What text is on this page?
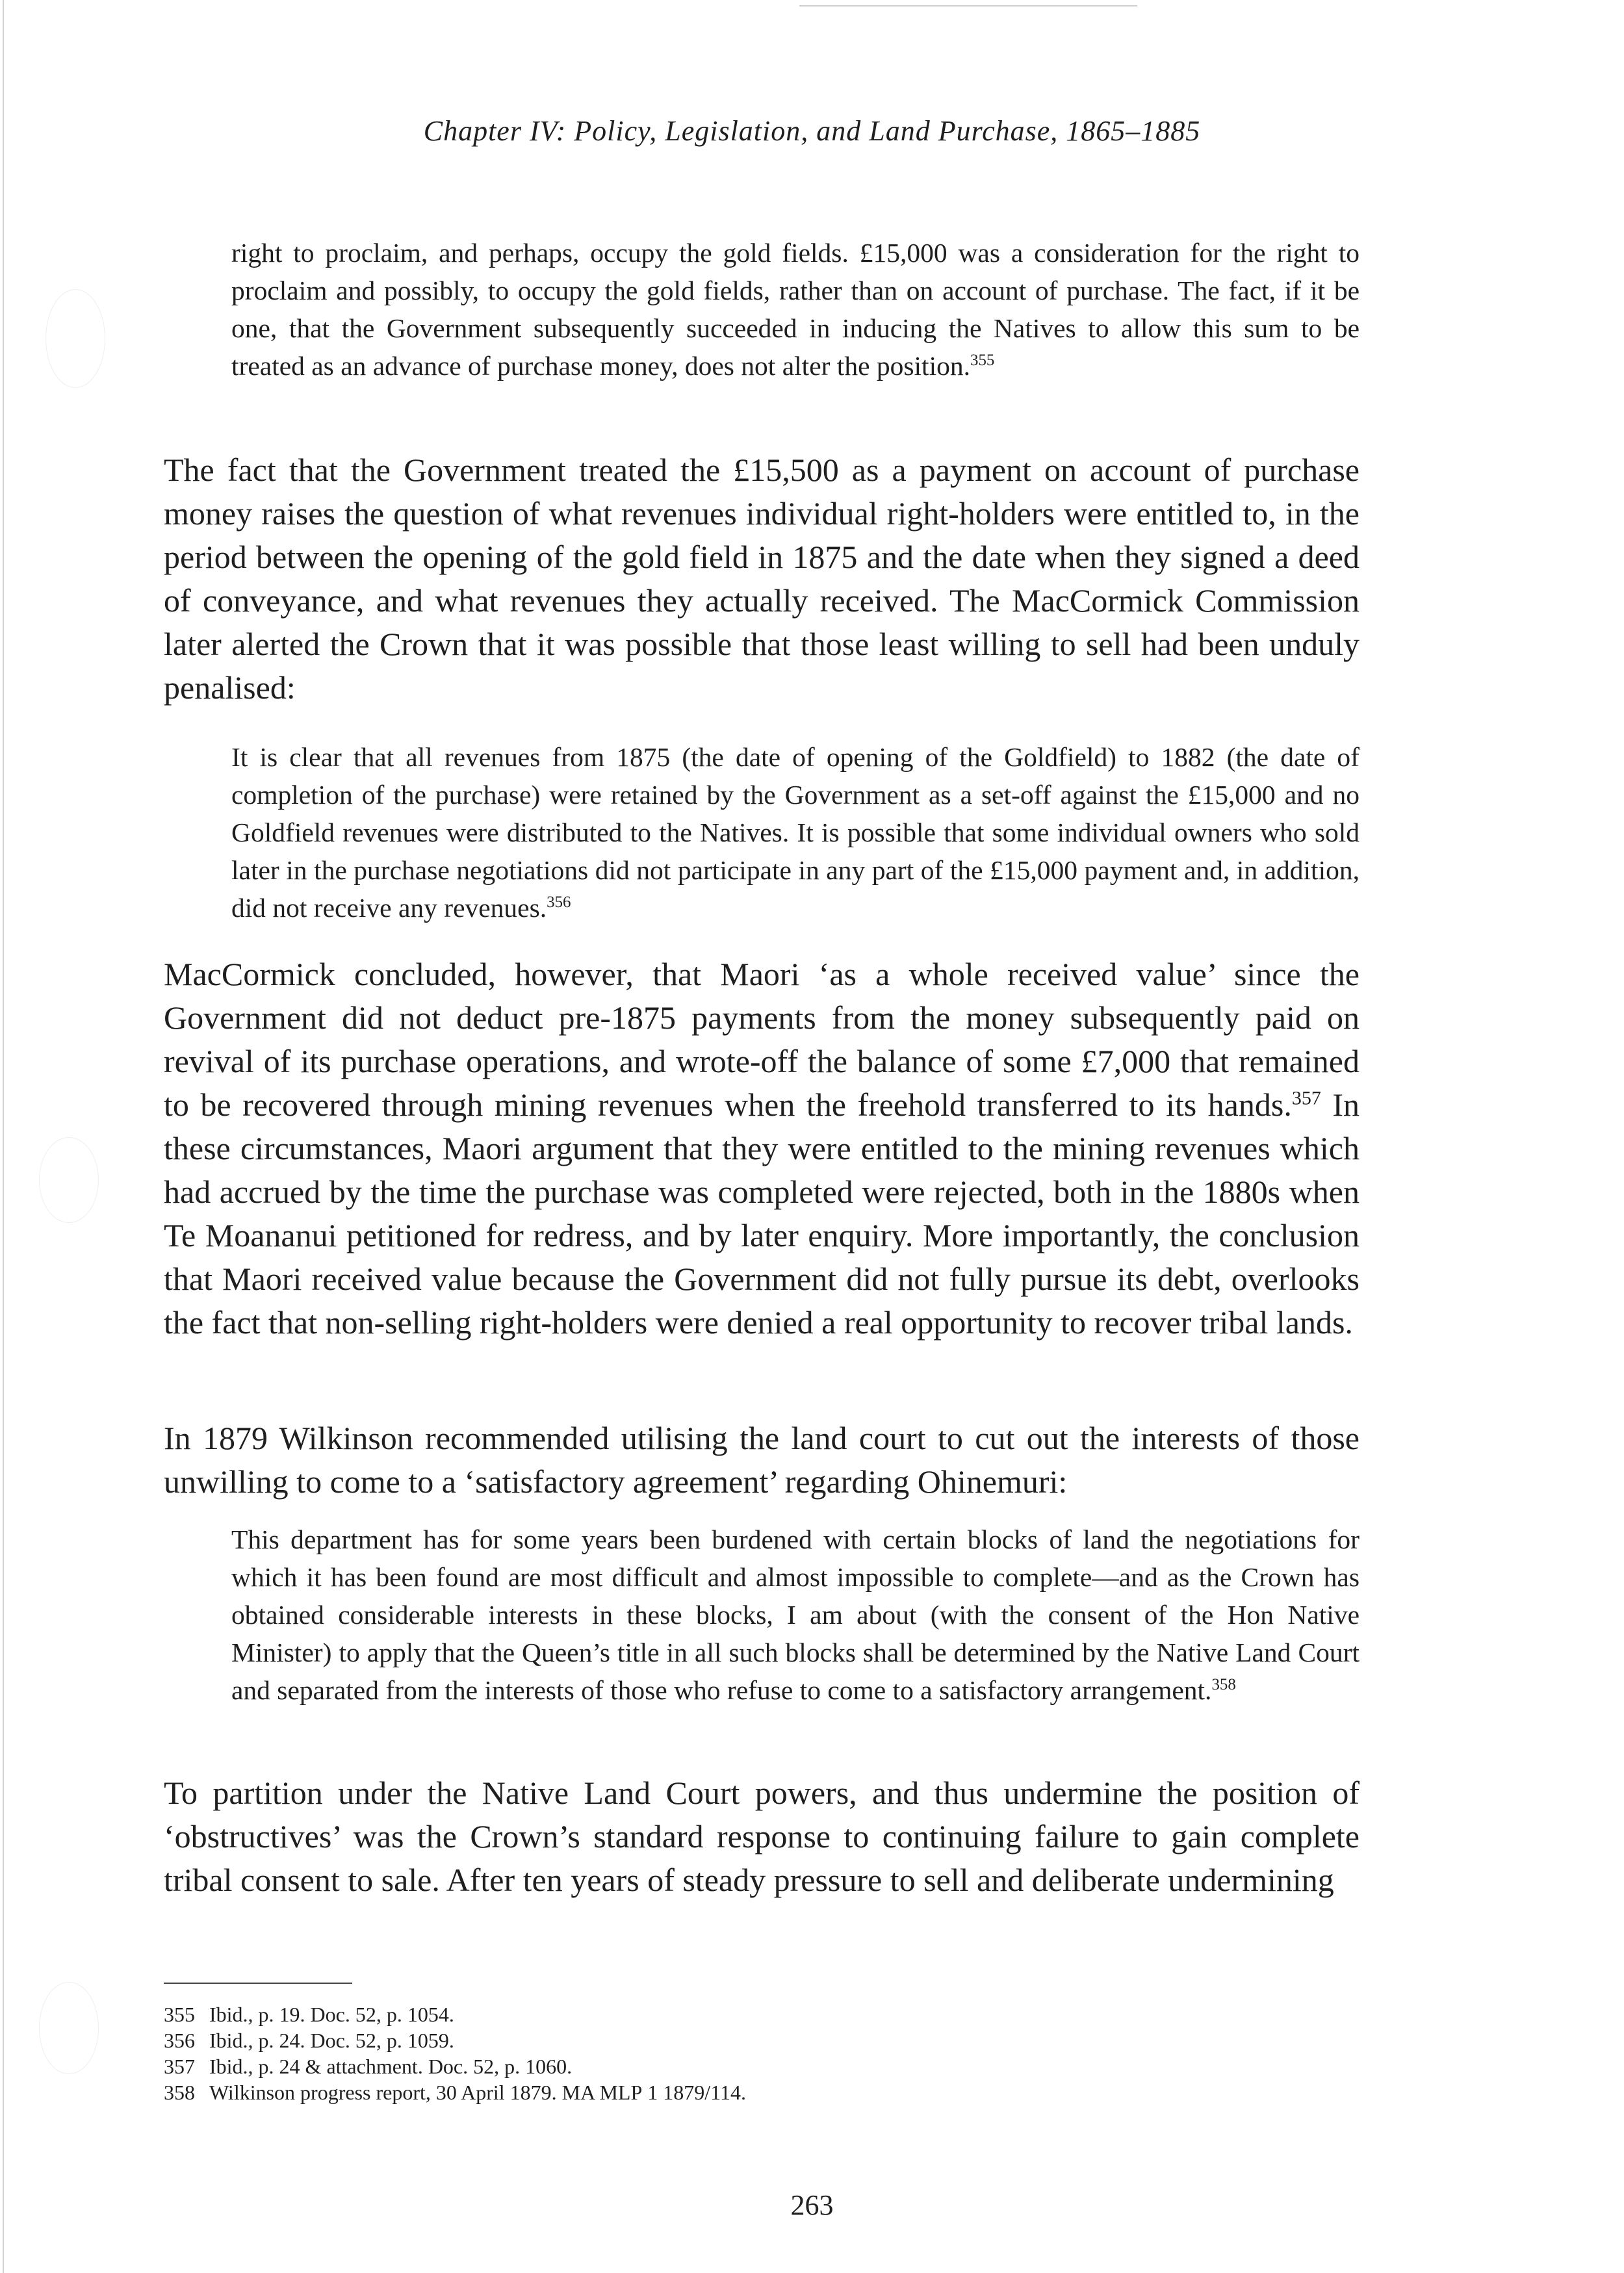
Chapter IV: Policy, Legislation, and Land Purchase, 1865–1885

right to proclaim, and perhaps, occupy the gold fields. £15,000 was a consideration for the right to proclaim and possibly, to occupy the gold fields, rather than on account of purchase. The fact, if it be one, that the Government subsequently succeeded in inducing the Natives to allow this sum to be treated as an advance of purchase money, does not alter the position.$^{355}$

The fact that the Government treated the £15,500 as a payment on account of purchase money raises the question of what revenues individual right-holders were entitled to, in the period between the opening of the gold field in 1875 and the date when they signed a deed of conveyance, and what revenues they actually received. The MacCormick Commission later alerted the Crown that it was possible that those least willing to sell had been unduly penalised:

It is clear that all revenues from 1875 (the date of opening of the Goldfield) to 1882 (the date of completion of the purchase) were retained by the Government as a set-off against the £15,000 and no Goldfield revenues were distributed to the Natives. It is possible that some individual owners who sold later in the purchase negotiations did not participate in any part of the £15,000 payment and, in addition, did not receive any revenues.$^{356}$

MacCormick concluded, however, that Maori ‘as a whole received value’ since the Government did not deduct pre-1875 payments from the money subsequently paid on revival of its purchase operations, and wrote-off the balance of some £7,000 that remained to be recovered through mining revenues when the freehold transferred to its hands.$^{357}$ In these circumstances, Maori argument that they were entitled to the mining revenues which had accrued by the time the purchase was completed were rejected, both in the 1880s when Te Moananui petitioned for redress, and by later enquiry. More importantly, the conclusion that Maori received value because the Government did not fully pursue its debt, overlooks the fact that non-selling right-holders were denied a real opportunity to recover tribal lands.

In 1879 Wilkinson recommended utilising the land court to cut out the interests of those unwilling to come to a ‘satisfactory agreement’ regarding Ohinemuri:

This department has for some years been burdened with certain blocks of land the negotiations for which it has been found are most difficult and almost impossible to complete—and as the Crown has obtained considerable interests in these blocks, I am about (with the consent of the Hon Native Minister) to apply that the Queen’s title in all such blocks shall be determined by the Native Land Court and separated from the interests of those who refuse to come to a satisfactory arrangement.$^{358}$

To partition under the Native Land Court powers, and thus undermine the position of ‘obstructives’ was the Crown’s standard response to continuing failure to gain complete tribal consent to sale. After ten years of steady pressure to sell and deliberate undermining

355 Ibid., p. 19. Doc. 52, p. 1054.
356 Ibid., p. 24. Doc. 52, p. 1059.
357 Ibid., p. 24 & attachment. Doc. 52, p. 1060.
358 Wilkinson progress report, 30 April 1879. MA MLP 1 1879/114.
263
